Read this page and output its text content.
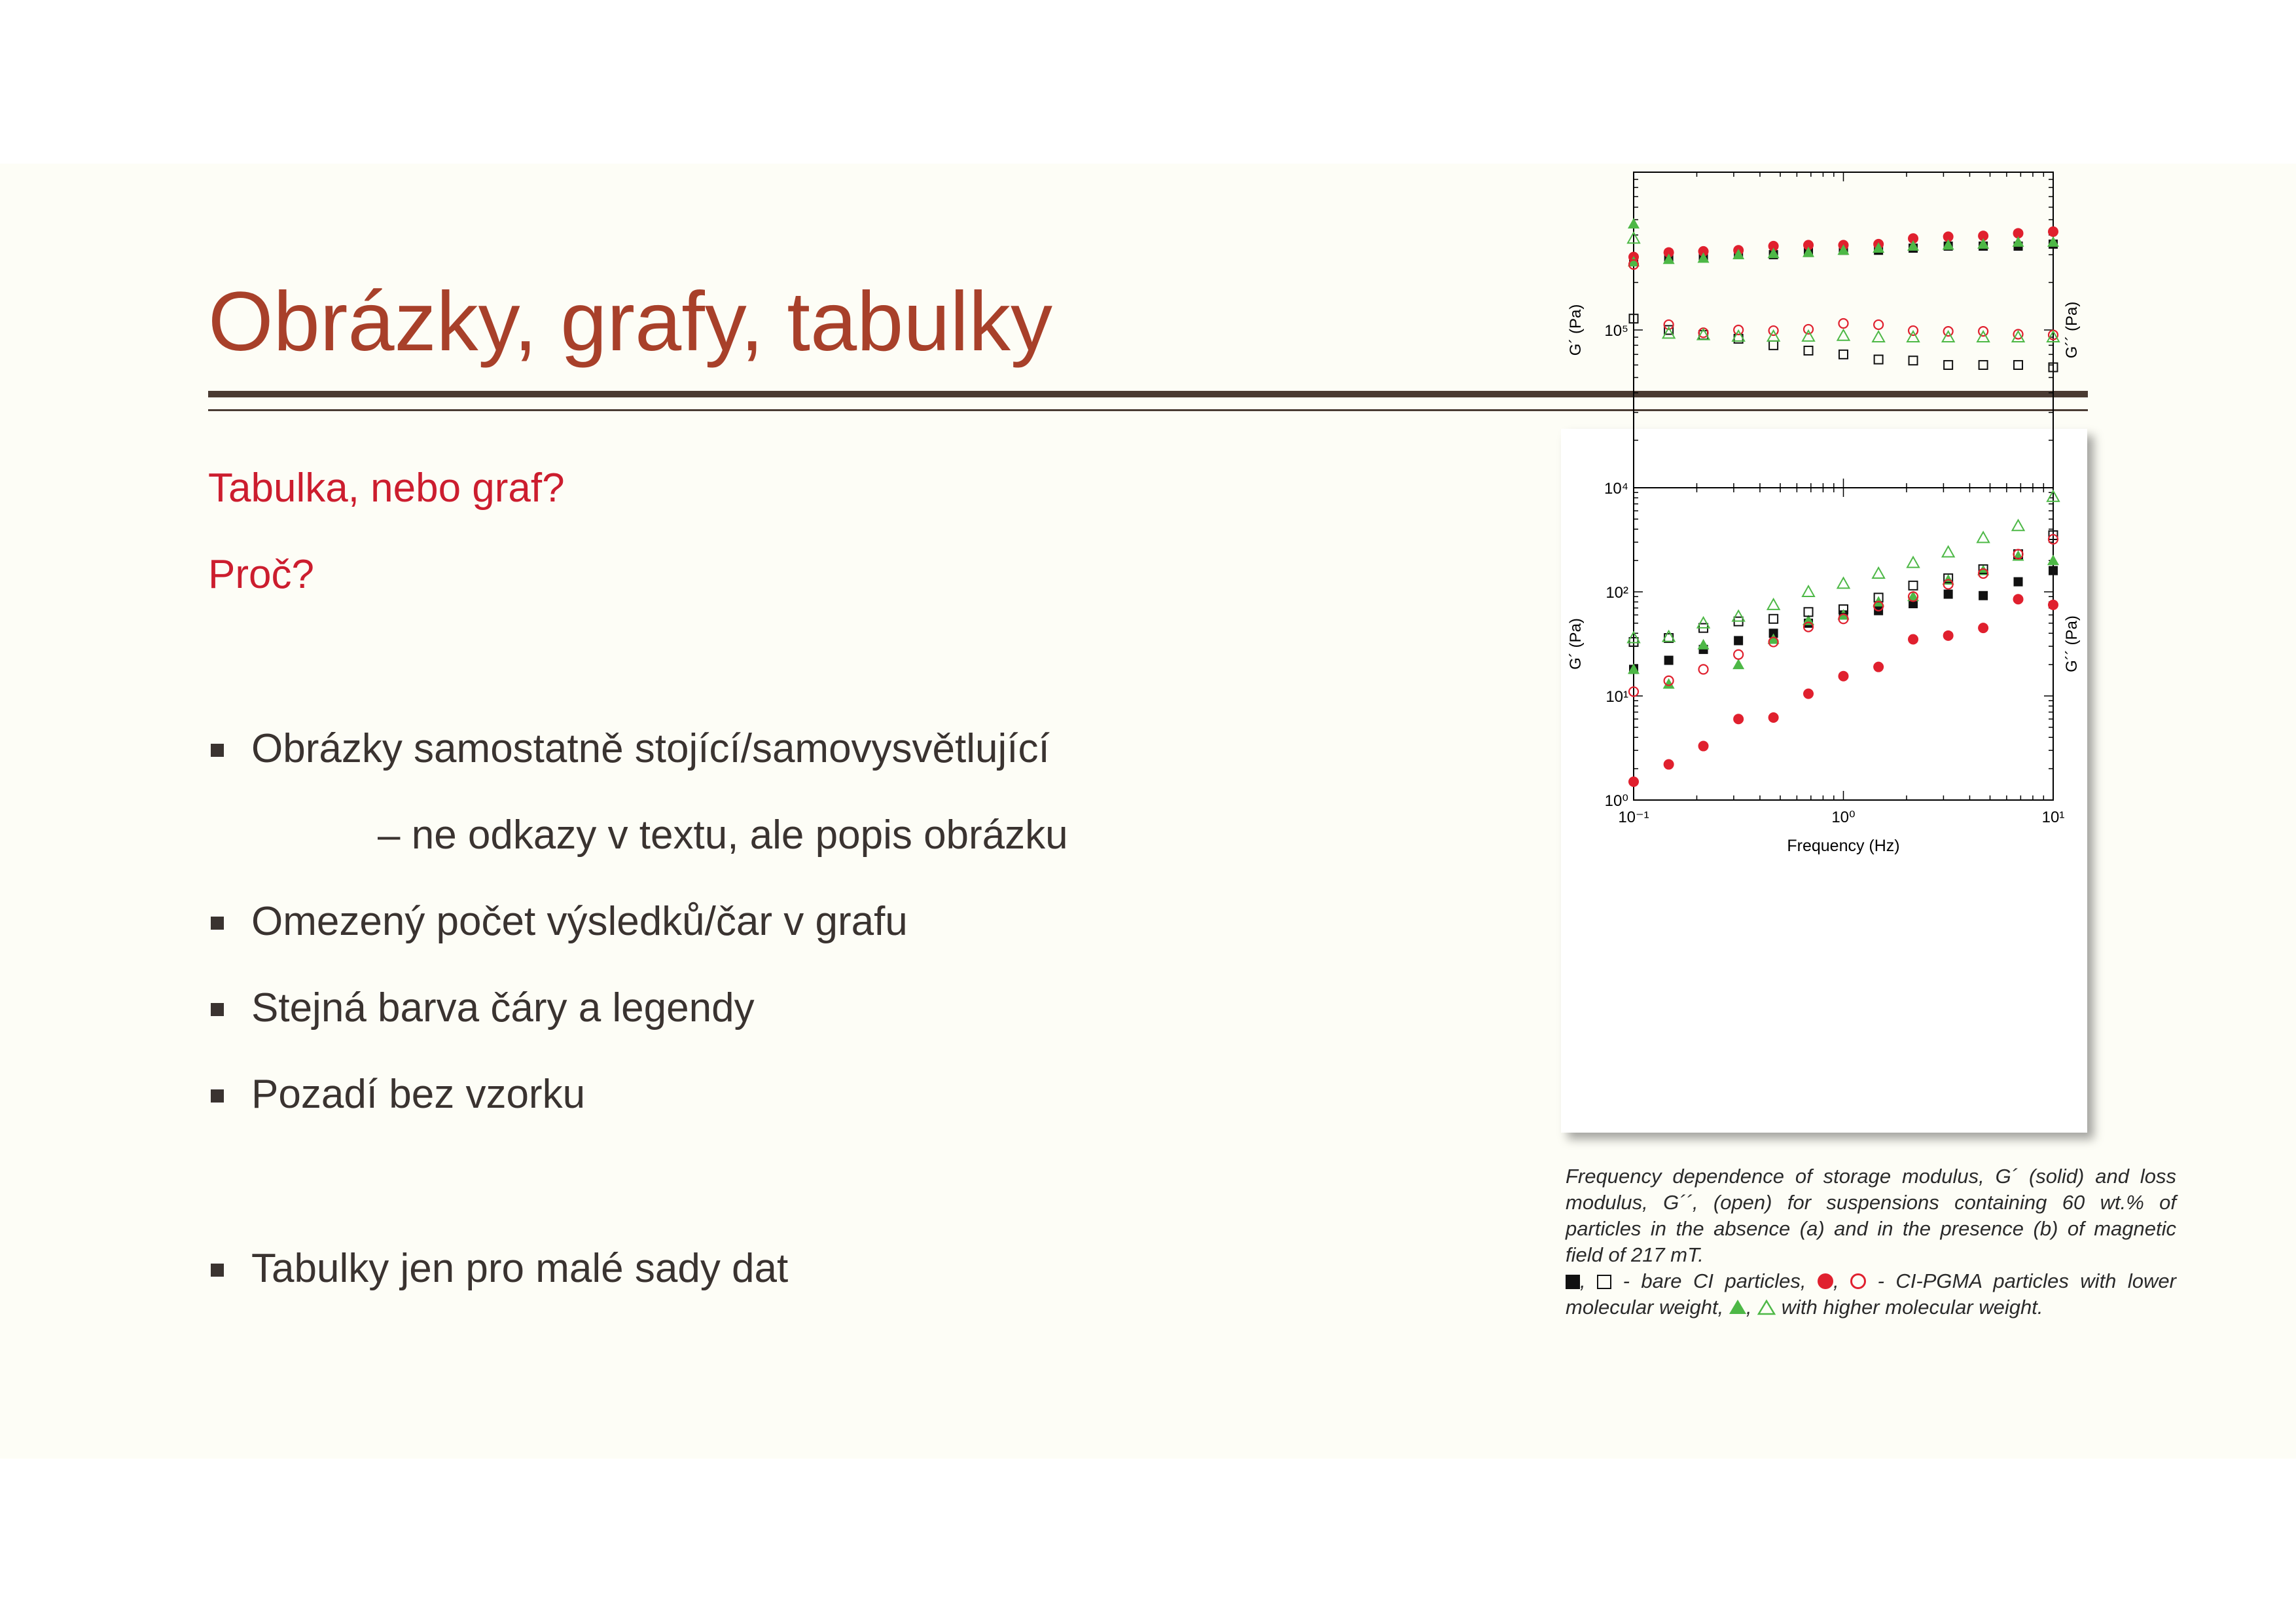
Obrázky, grafy, tabulky
Tabulka, nebo graf?
Proč?
Obrázky samostatně stojící/samovysvětlující
– ne odkazy v textu, ale popis obrázku
Omezený počet výsledků/čar v grafu
Stejná barva čáry a legendy
Pozadí bez vzorku
Tabulky jen pro malé sady dat
10⁴
10⁵
G´ (Pa)	G´´ (Pa)
10⁰
10¹
10²
G´ (Pa)	G´´ (Pa)
10⁻¹	10⁰	10¹
Frequency (Hz)
Frequency dependence of storage modulus, G´ (solid) and loss modulus, G´´, (open) for suspensions containing 60 wt.% of particles in the absence (a) and in the presence (b) of magnetic field of 217 mT.
, - bare CI particles, , - CI-PGMA particles with lower molecular weight, , with higher molecular weight.
